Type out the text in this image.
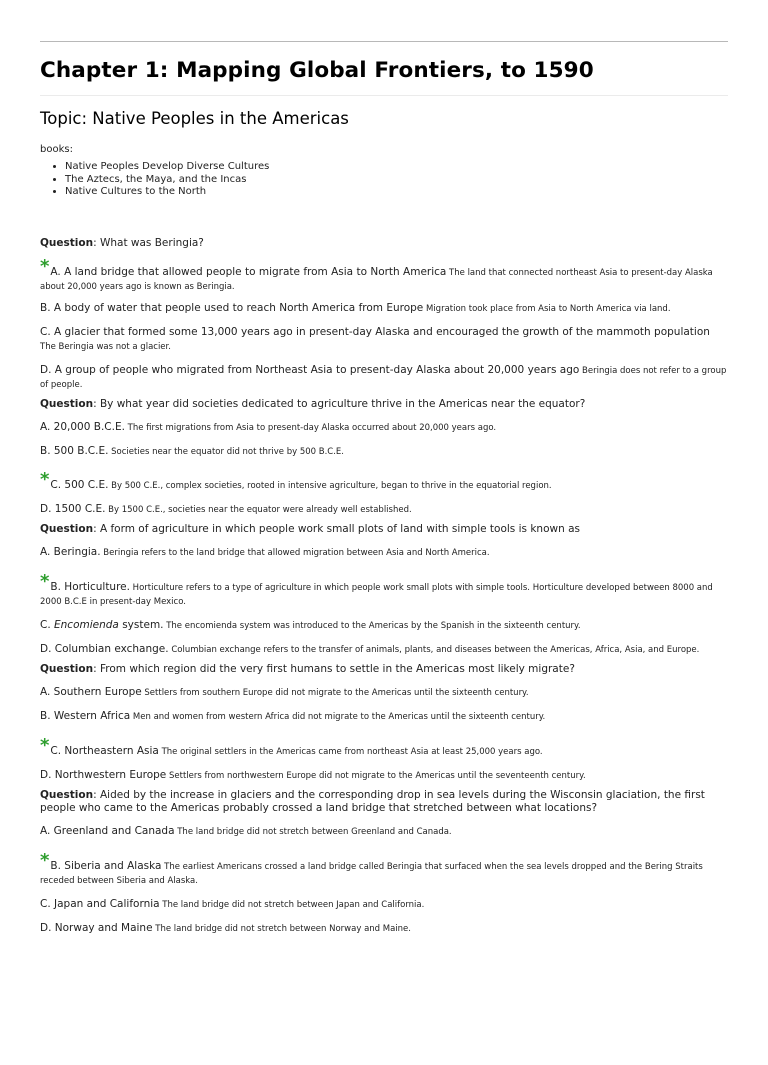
Chapter 1: Mapping Global Frontiers, to 1590
Topic: Native Peoples in the Americas
books:
• Native Peoples Develop Diverse Cultures
• The Aztecs, the Maya, and the Incas
• Native Cultures to the North
Question: What was Beringia?
*A. A land bridge that allowed people to migrate from Asia to North America The land that connected northeast Asia to present-day Alaska about 20,000 years ago is known as Beringia.
B. A body of water that people used to reach North America from Europe Migration took place from Asia to North America via land.
C. A glacier that formed some 13,000 years ago in present-day Alaska and encouraged the growth of the mammoth population The Beringia was not a glacier.
D. A group of people who migrated from Northeast Asia to present-day Alaska about 20,000 years ago Beringia does not refer to a group of people.
Question: By what year did societies dedicated to agriculture thrive in the Americas near the equator?
A. 20,000 B.C.E. The first migrations from Asia to present-day Alaska occurred about 20,000 years ago.
B. 500 B.C.E. Societies near the equator did not thrive by 500 B.C.E.
*C. 500 C.E. By 500 C.E., complex societies, rooted in intensive agriculture, began to thrive in the equatorial region.
D. 1500 C.E. By 1500 C.E., societies near the equator were already well established.
Question: A form of agriculture in which people work small plots of land with simple tools is known as
A. Beringia. Beringia refers to the land bridge that allowed migration between Asia and North America.
*B. Horticulture. Horticulture refers to a type of agriculture in which people work small plots with simple tools. Horticulture developed between 8000 and 2000 B.C.E in present-day Mexico.
C. Encomienda system. The encomienda system was introduced to the Americas by the Spanish in the sixteenth century.
D. Columbian exchange. Columbian exchange refers to the transfer of animals, plants, and diseases between the Americas, Africa, Asia, and Europe.
Question: From which region did the very first humans to settle in the Americas most likely migrate?
A. Southern Europe Settlers from southern Europe did not migrate to the Americas until the sixteenth century.
B. Western Africa Men and women from western Africa did not migrate to the Americas until the sixteenth century.
*C. Northeastern Asia The original settlers in the Americas came from northeast Asia at least 25,000 years ago.
D. Northwestern Europe Settlers from northwestern Europe did not migrate to the Americas until the seventeenth century.
Question: Aided by the increase in glaciers and the corresponding drop in sea levels during the Wisconsin glaciation, the first people who came to the Americas probably crossed a land bridge that stretched between what locations?
A. Greenland and Canada The land bridge did not stretch between Greenland and Canada.
*B. Siberia and Alaska The earliest Americans crossed a land bridge called Beringia that surfaced when the sea levels dropped and the Bering Straits receded between Siberia and Alaska.
C. Japan and California The land bridge did not stretch between Japan and California.
D. Norway and Maine The land bridge did not stretch between Norway and Maine.
